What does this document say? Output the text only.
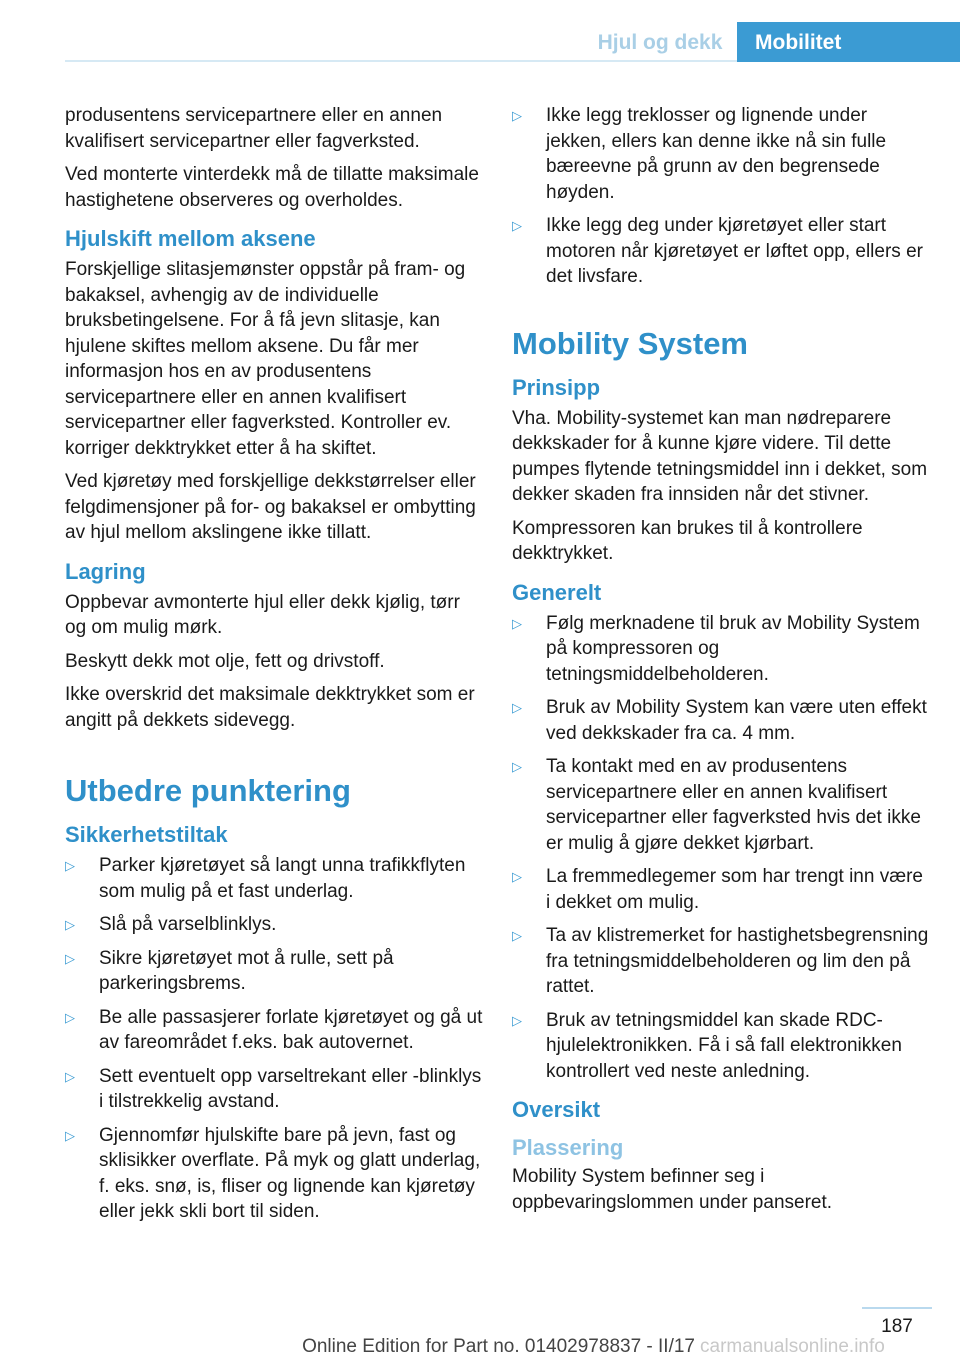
Hjul og dekk	Mobilitet

produsentens servicepartnere eller en annen kvalifisert servicepartner eller fagverksted.

Ved monterte vinterdekk må de tillatte maksimale hastighetene observeres og overholdes.

Hjulskift mellom aksene

Forskjellige slitasjemønster oppstår på fram- og bakaksel, avhengig av de individuelle bruksbetingelsene. For å få jevn slitasje, kan hjulene skiftes mellom aksene. Du får mer informasjon hos en av produsentens servicepartnere eller en annen kvalifisert servicepartner eller fagverksted. Kontroller ev. korriger dekktrykket etter å ha skiftet.

Ved kjøretøy med forskjellige dekkstørrelser eller felgdimensjoner på for- og bakaksel er ombytting av hjul mellom akslingene ikke tillatt.

Lagring

Oppbevar avmonterte hjul eller dekk kjølig, tørr og om mulig mørk.

Beskytt dekk mot olje, fett og drivstoff.

Ikke overskrid det maksimale dekktrykket som er angitt på dekkets sidevegg.

Utbedre punktering
Sikkerhetstiltak
▷ Parker kjøretøyet så langt unna trafikkflyten som mulig på et fast underlag.
▷ Slå på varselblinklys.
▷ Sikre kjøretøyet mot å rulle, sett på parkeringsbrems.
▷ Be alle passasjerer forlate kjøretøyet og gå ut av fareområdet f.eks. bak autovernet.
▷ Sett eventuelt opp varseltrekant eller -blinklys i tilstrekkelig avstand.
▷ Gjennomfør hjulskifte bare på jevn, fast og sklisikker overflate. På myk og glatt underlag, f. eks. snø, is, fliser og lignende kan kjøretøy eller jekk skli bort til siden.
▷ Ikke legg treklosser og lignende under jekken, ellers kan denne ikke nå sin fulle bæreevne på grunn av den begrensede høyden.
▷ Ikke legg deg under kjøretøyet eller start motoren når kjøretøyet er løftet opp, ellers er det livsfare.
Mobility System
Prinsipp

Vha. Mobility-systemet kan man nødreparere dekkskader for å kunne kjøre videre. Til dette pumpes flytende tetningsmiddel inn i dekket, som dekker skaden fra innsiden når det stivner.

Kompressoren kan brukes til å kontrollere dekktrykket.

Generelt
▷ Følg merknadene til bruk av Mobility System på kompressoren og tetningsmiddelbeholderen.
▷ Bruk av Mobility System kan være uten effekt ved dekkskader fra ca. 4 mm.
▷ Ta kontakt med en av produsentens servicepartnere eller en annen kvalifisert servicepartner eller fagverksted hvis det ikke er mulig å gjøre dekket kjørbart.
▷ La fremmedlegemer som har trengt inn være i dekket om mulig.
▷ Ta av klistremerket for hastighetsbegrensning fra tetningsmiddelbeholderen og lim den på rattet.
▷ Bruk av tetningsmiddel kan skade RDC-hjulelektronikken. Få i så fall elektronikken kontrollert ved neste anledning.
Oversikt
Plassering

Mobility System befinner seg i oppbevaringslommen under panseret.

187
Online Edition for Part no. 01402978837 - II/17 carmanualsonline.info
